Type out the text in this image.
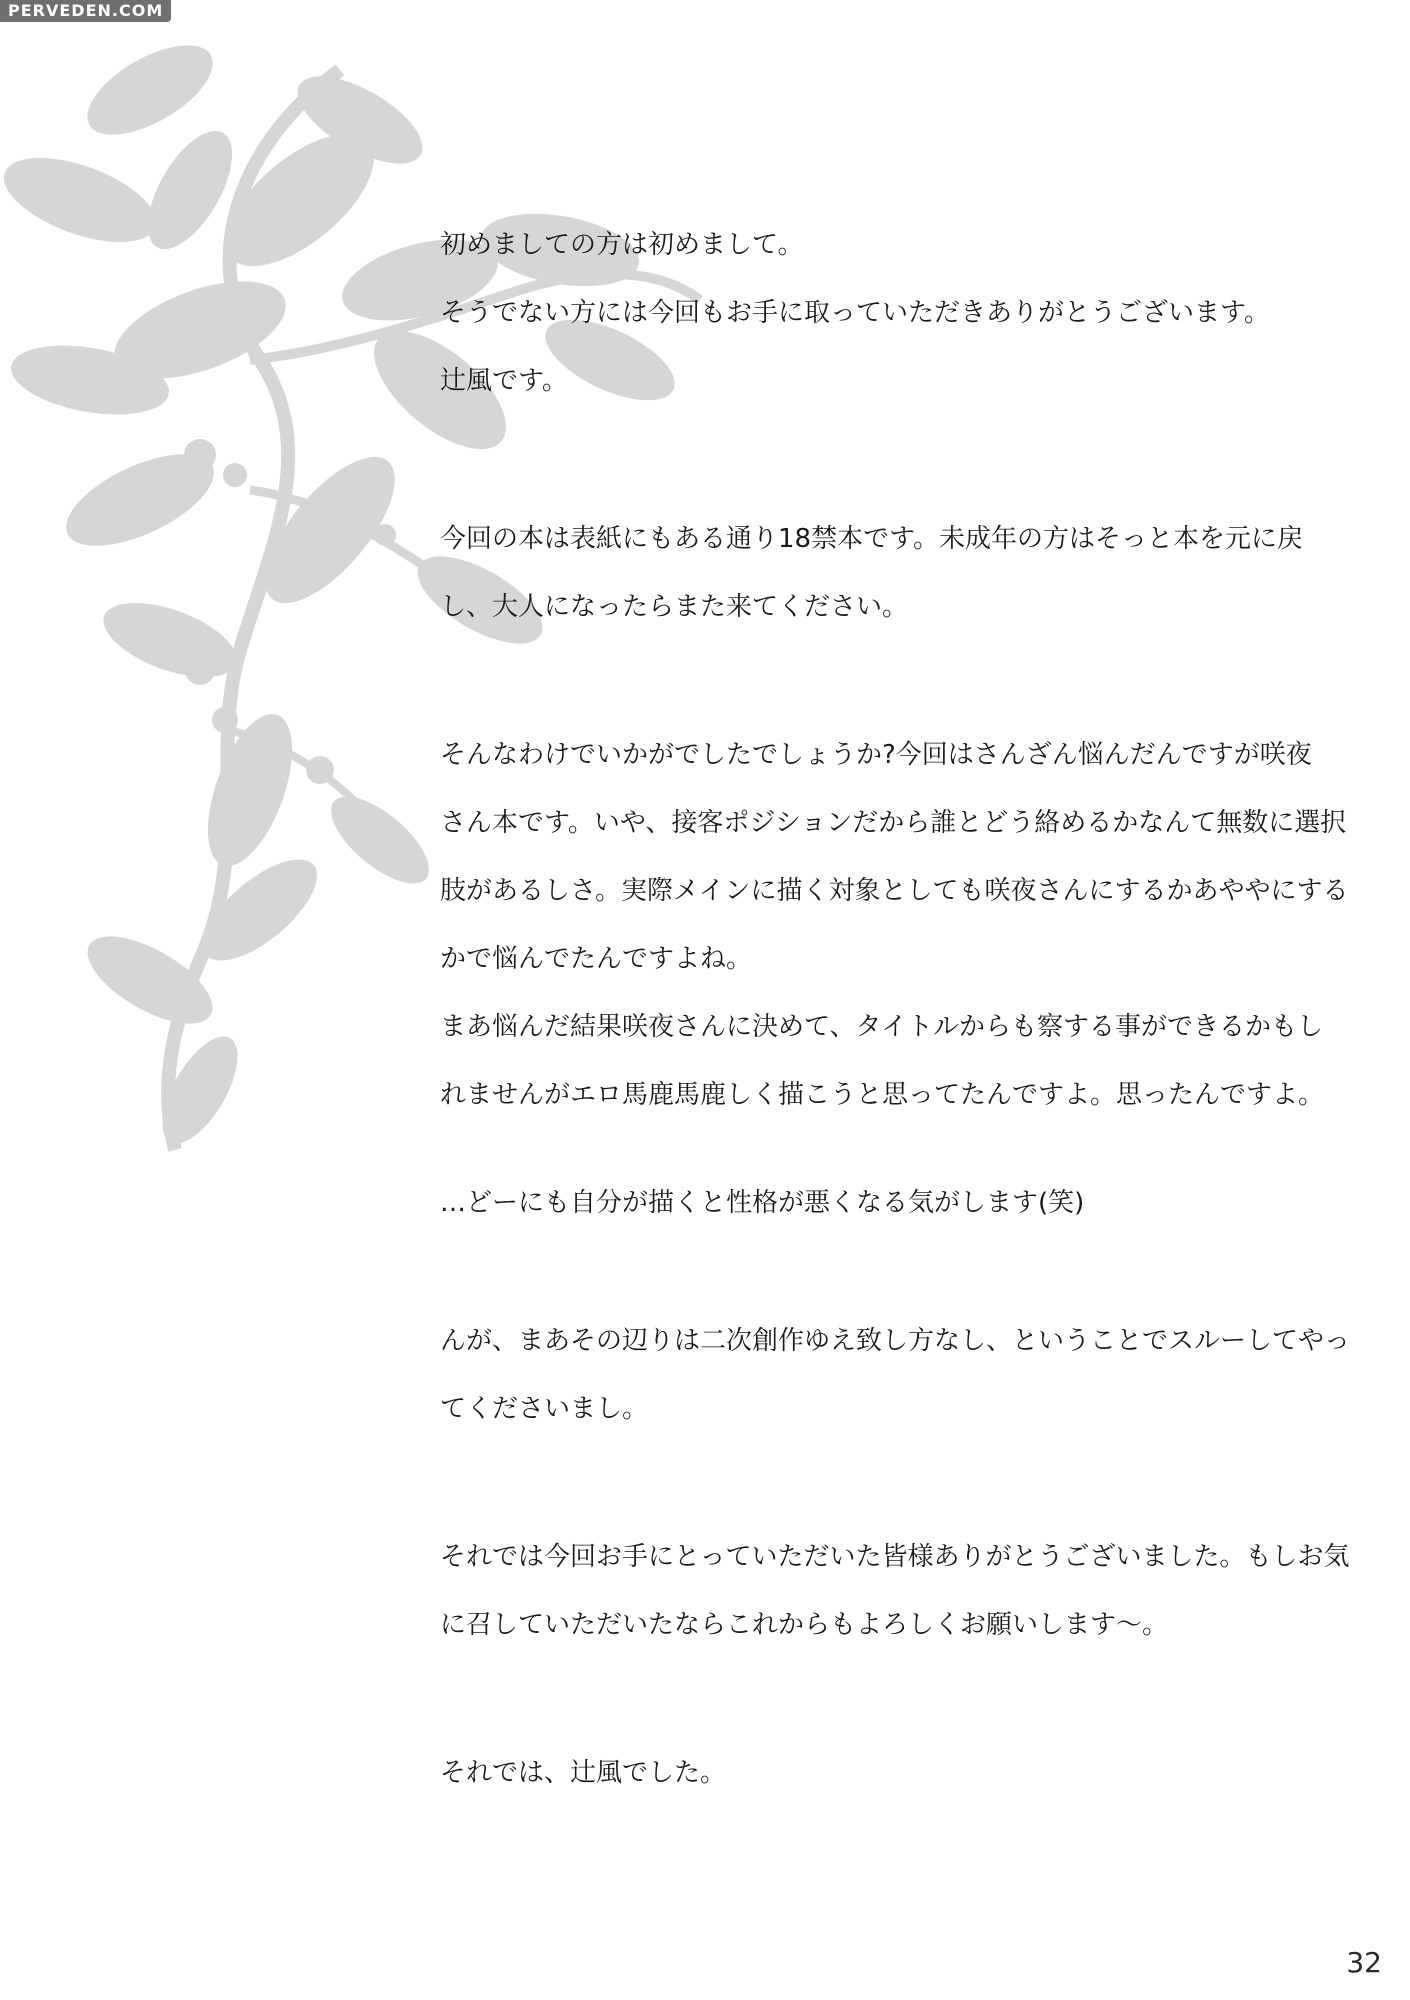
PERVEDEN.COM
初めましての方は初めまして。
そうでない方には今回もお手に取っていただきありがとうございます。
辻風です。
今回の本は表紙にもある通り18禁本です。未成年の方はそっと本を元に戻
し、大人になったらまた来てください。
そんなわけでいかがでしたでしょうか?今回はさんざん悩んだんですが咲夜
さん本です。いや、接客ポジションだから誰とどう絡めるかなんて無数に選択
肢があるしさ。実際メインに描く対象としても咲夜さんにするかあややにする
かで悩んでたんですよね。
まあ悩んだ結果咲夜さんに決めて、タイトルからも察する事ができるかもし
れませんがエロ馬鹿馬鹿しく描こうと思ってたんですよ。思ったんですよ。
…どーにも自分が描くと性格が悪くなる気がします(笑)
んが、まあその辺りは二次創作ゆえ致し方なし、ということでスルーしてやっ
てくださいまし。
それでは今回お手にとっていただいた皆様ありがとうございました。もしお気
に召していただいたならこれからもよろしくお願いします～。
それでは、辻風でした。
32
